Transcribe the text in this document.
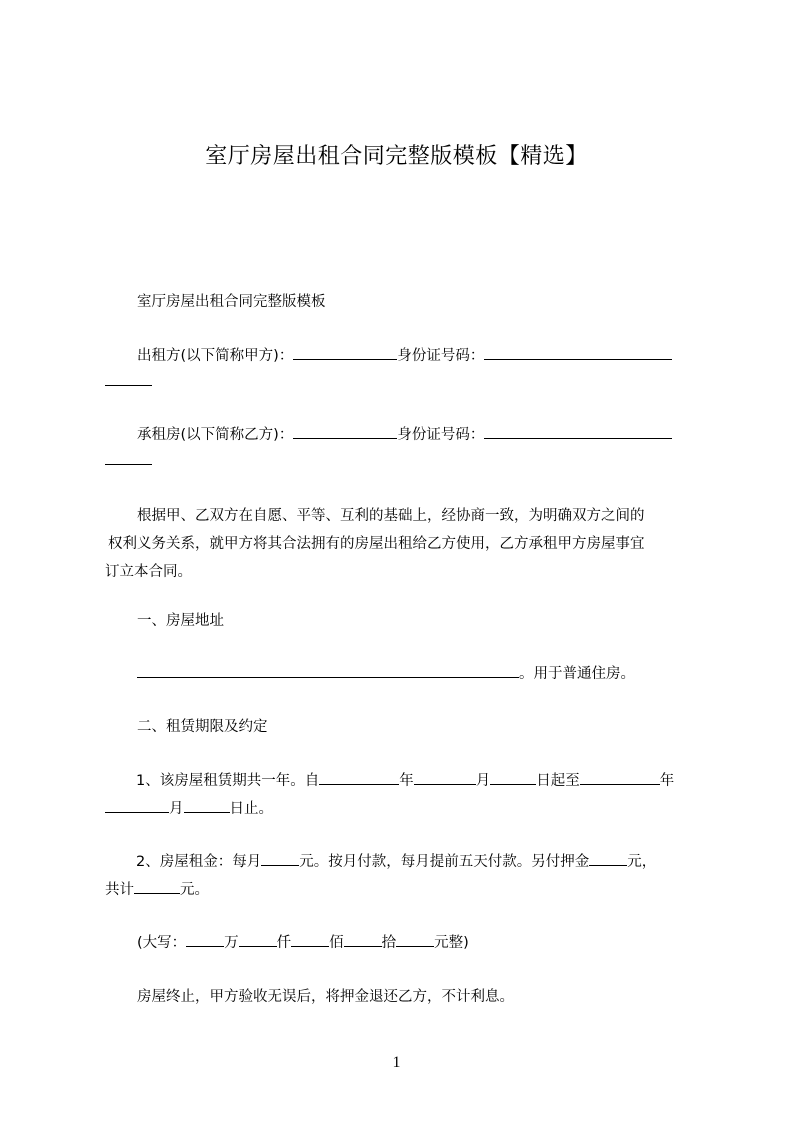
室厅房屋出租合同完整版模板【精选】
室厅房屋出租合同完整版模板
出租方(以下简称甲方)：	身份证号码：
承租房(以下简称乙方)：	身份证号码：
根据甲、乙双方在自愿、平等、互利的基础上，经协商一致，为明确双方之间的
权利义务关系，就甲方将其合法拥有的房屋出租给乙方使用，乙方承租甲方房屋事宜
订立本合同。
一、房屋地址
。用于普通住房。
二、租赁期限及约定
1、该房屋租赁期共一年。自	年	月	日起至	年
月	日止。
2、房屋租金：每月	元。按月付款，每月提前五天付款。另付押金	元，
共计	元。
(大写：	万	仟	佰	拾	元整)
房屋终止，甲方验收无误后，将押金退还乙方，不计利息。
1
